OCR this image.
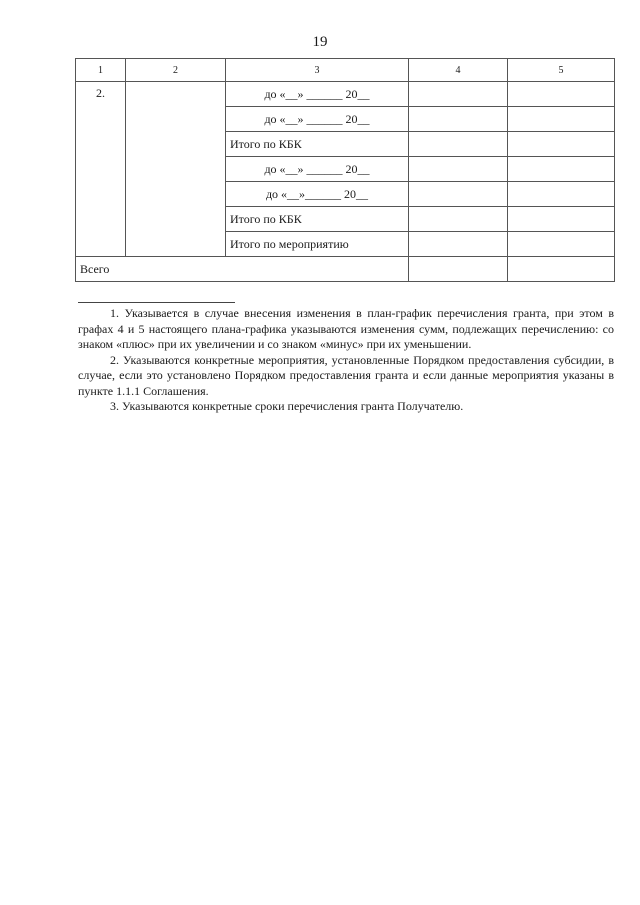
19
1	2	3	4	5
2.		до «__» ______ 20__		
		до «__» ______ 20__		
		Итого по КБК		
		до «__» ______ 20__		
		до «__»______ 20__		
		Итого по КБК		
		Итого по мероприятию		
Всего				

1. Указывается в случае внесения изменения в план-график перечисления гранта, при этом в графах 4 и 5 настоящего плана-графика указываются изменения сумм, подлежащих перечислению: со знаком «плюс» при их увеличении и со знаком «минус» при их уменьшении.

2. Указываются конкретные мероприятия, установленные Порядком предоставления субсидии, в случае, если это установлено Порядком предоставления гранта и если данные мероприятия указаны в пункте 1.1.1 Соглашения.

3. Указываются конкретные сроки перечисления гранта Получателю.
